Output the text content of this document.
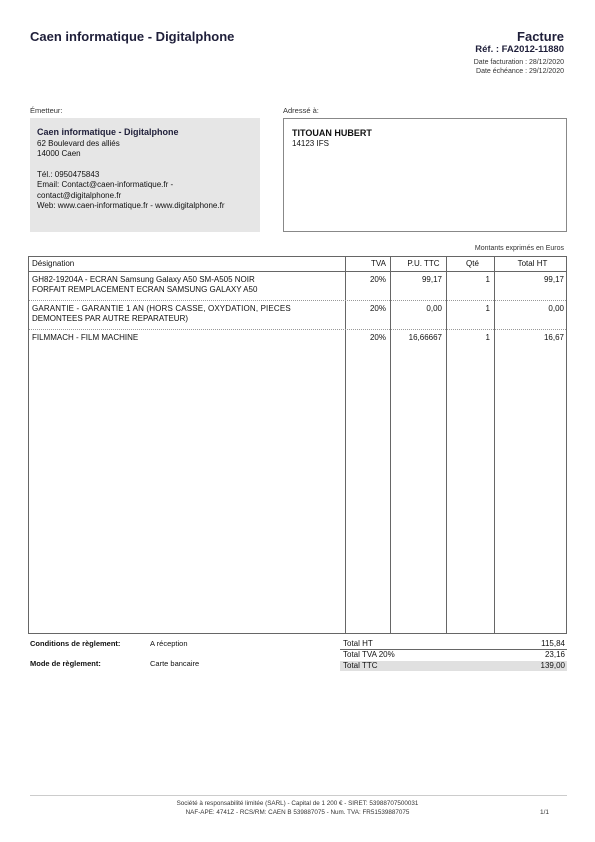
Caen informatique - Digitalphone	Facture
Réf. : FA2012-11880
Date facturation : 28/12/2020
Date échéance : 29/12/2020
Émetteur:	Adressé à:
Caen informatique - Digitalphone
62 Boulevard des alliés
14000 Caen
Tél.: 0950475843
Email: Contact@caen-informatique.fr -
contact@digitalphone.fr
Web: www.caen-informatique.fr - www.digitalphone.fr
TITOUAN HUBERT
14123 IFS
Montants exprimés en Euros
Désignation	TVA	P.U. TTC	Qté	Total HT
GH82-19204A - ECRAN Samsung Galaxy A50 SM-A505 NOIR
FORFAIT REMPLACEMENT ECRAN SAMSUNG GALAXY A50
20%	99,17	1	99,17
GARANTIE - GARANTIE 1 AN (HORS CASSE, OXYDATION, PIECES
DEMONTEES PAR AUTRE REPARATEUR)
20%	0,00	1	0,00
FILMMACH - FILM MACHINE	20%	16,66667	1	16,67
Conditions de règlement:	A réception
Mode de règlement:	Carte bancaire
Total HT	115,84
Total TVA 20%	23,16
Total TTC	139,00
Société à responsabilité limitée (SARL) - Capital de 1 200 € - SIRET: 53988707500031
NAF-APE: 4741Z - RCS/RM: CAEN B 539887075 - Num. TVA: FR51539887075	1/1
